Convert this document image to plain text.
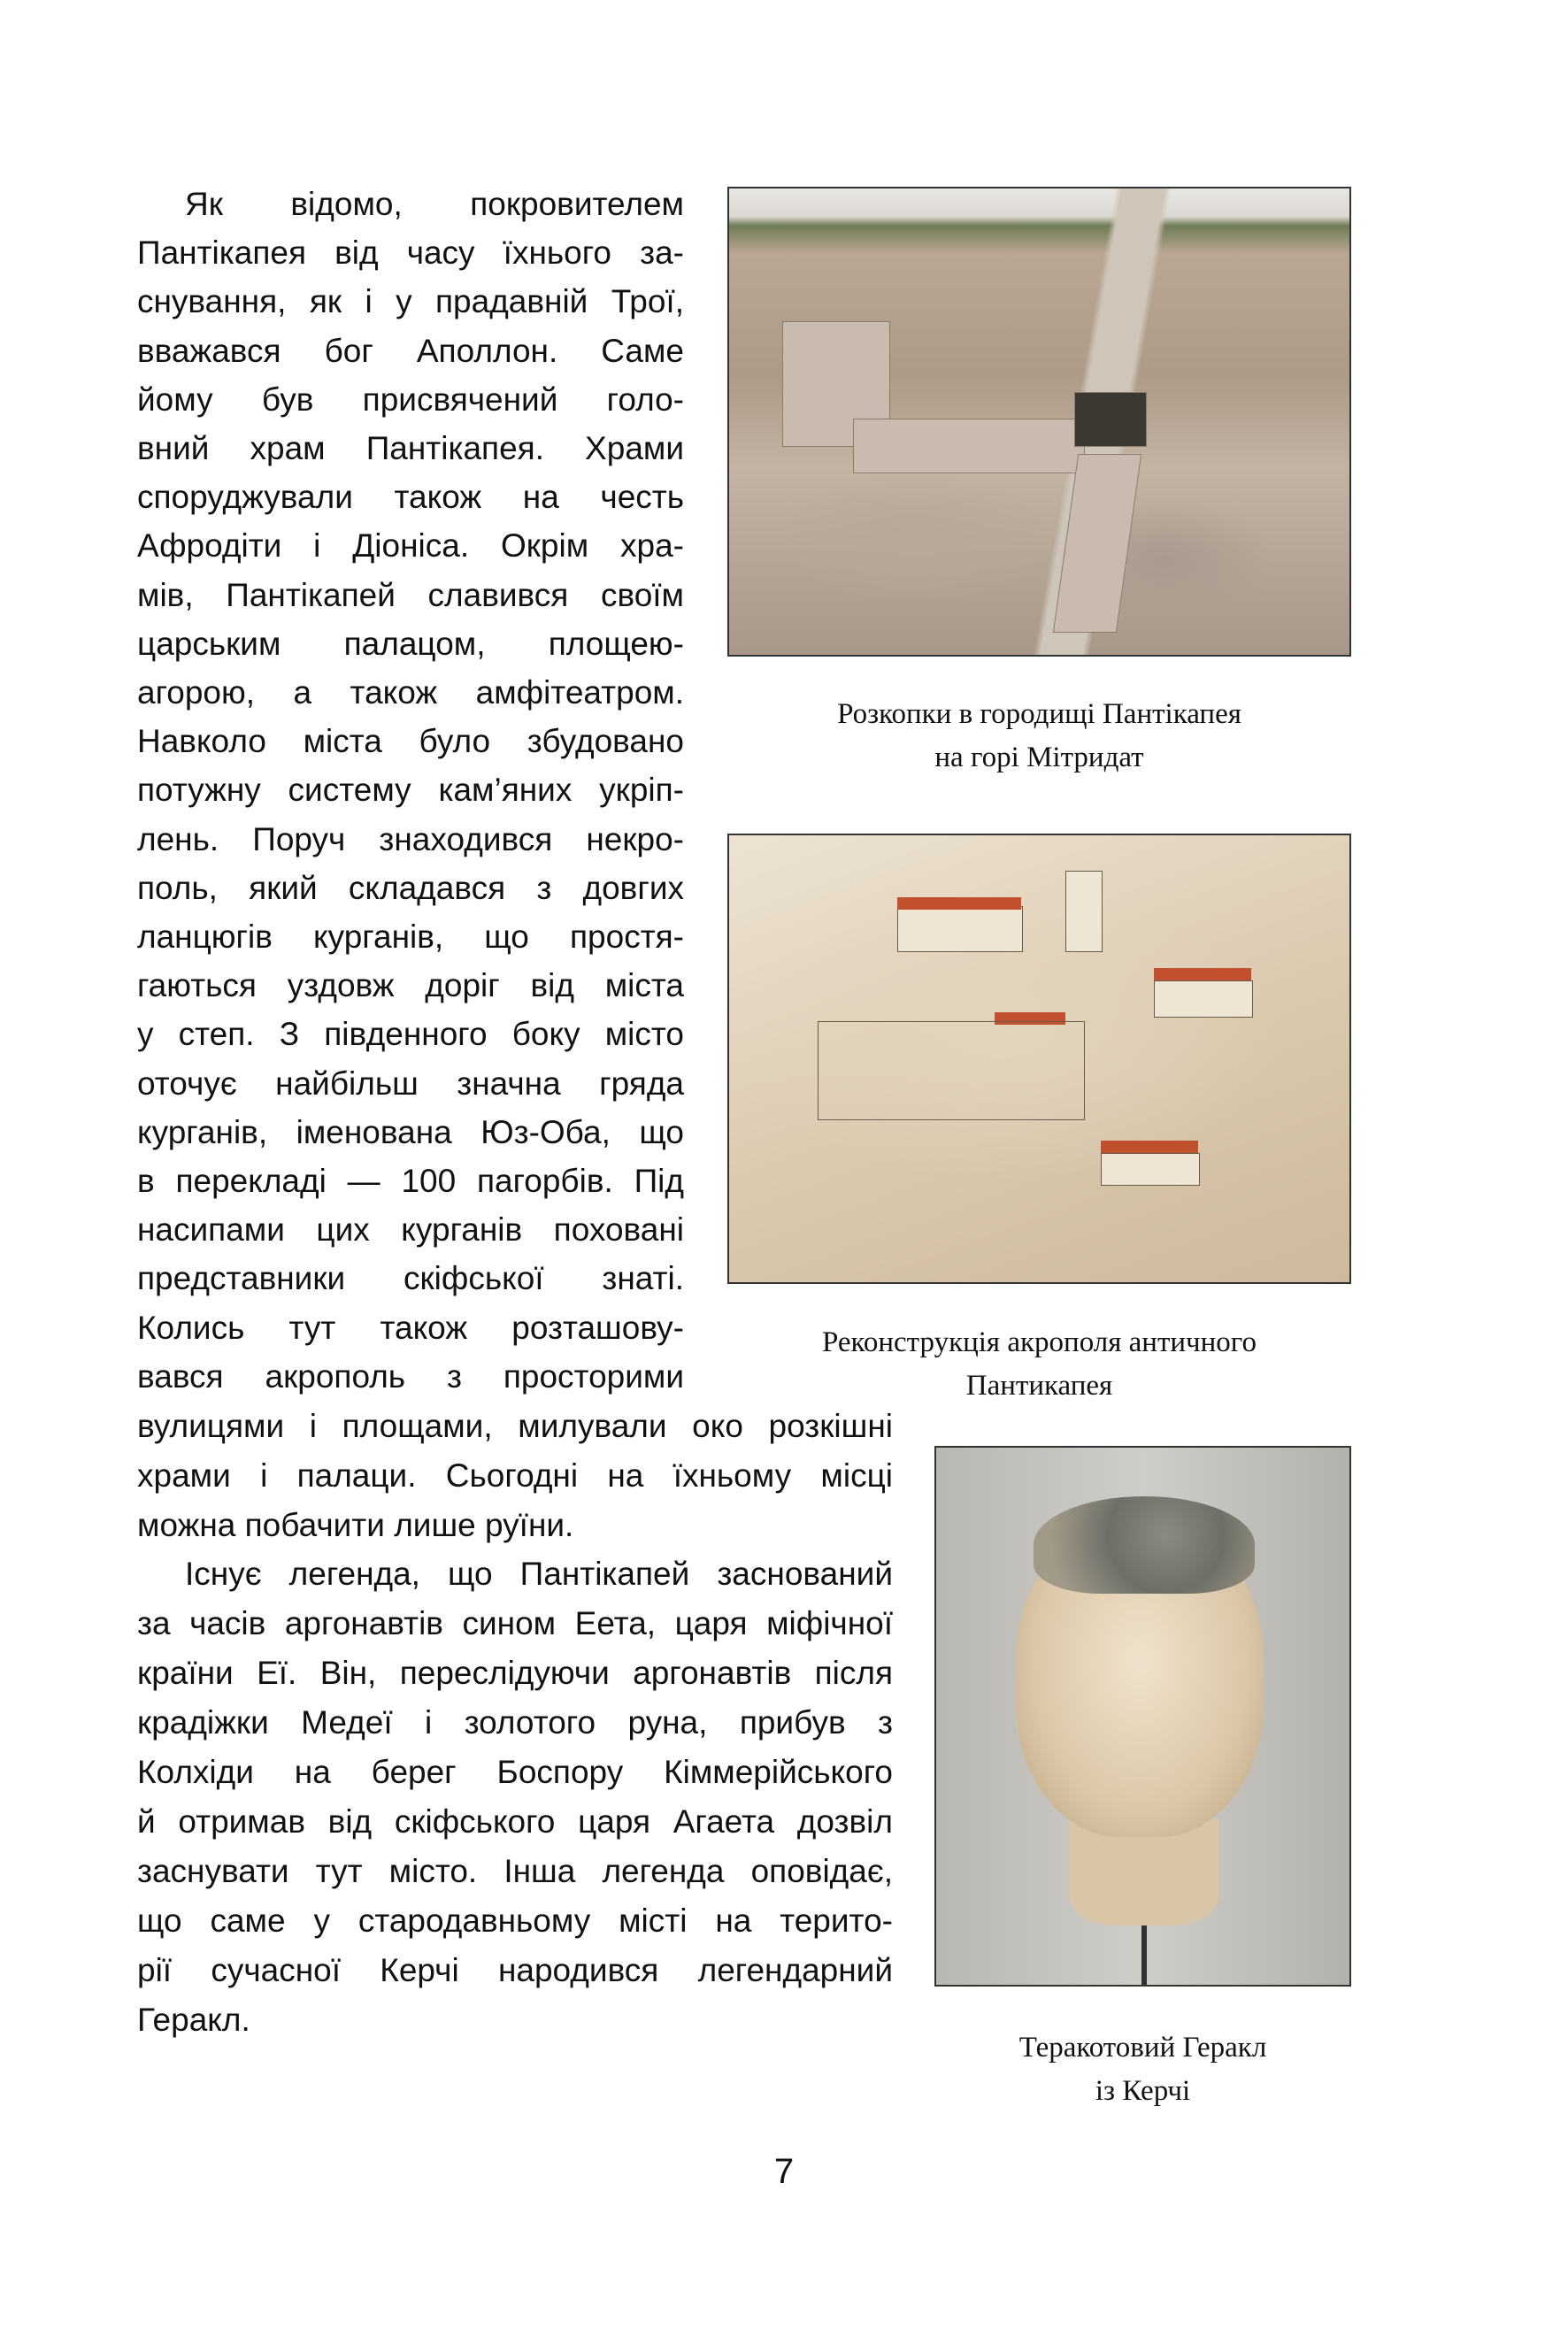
Як відомо, покровителем
Пантікапея від часу їхнього за-
снування, як і у прадавній Трої,
вважався бог Аполлон. Саме
йому був присвячений голо-
вний храм Пантікапея. Храми
споруджували також на честь
Афродіти і Діоніса. Окрім хра-
мів, Пантікапей славився своїм
царським палацом, площею-
агорою, а також амфітеатром.
Навколо міста було збудовано
потужну систему кам’яних укріп-
лень. Поруч знаходився некро-
поль, який складався з довгих
ланцюгів курганів, що простя-
гаються уздовж доріг від міста
у степ. З південного боку місто
оточує найбільш значна гряда
курганів, іменована Юз-Оба, що
в перекладі — 100 пагорбів. Під
насипами цих курганів поховані
представники скіфської знаті.
Колись тут також розташову-
вався акрополь з просторими
вулицями і площами, милували око розкішні
храми і палаци. Сьогодні на їхньому місці
можна побачити лише руїни.
Існує легенда, що Пантікапей заснований
за часів аргонавтів сином Еета, царя міфічної
країни Еї. Він, переслідуючи аргонавтів після
крадіжки Медеї і золотого руна, прибув з
Колхіди на берег Боспору Кіммерійського
й отримав від скіфського царя Агаета дозвіл
заснувати тут місто. Інша легенда оповідає,
що саме у стародавньому місті на терито-
рії сучасної Керчі народився легендарний
Геракл.
Розкопки в городищі Пантікапея
на горі Мітридат
Реконструкція акрополя античного
Пантикапея
Теракотовий Геракл
із Керчі
7
